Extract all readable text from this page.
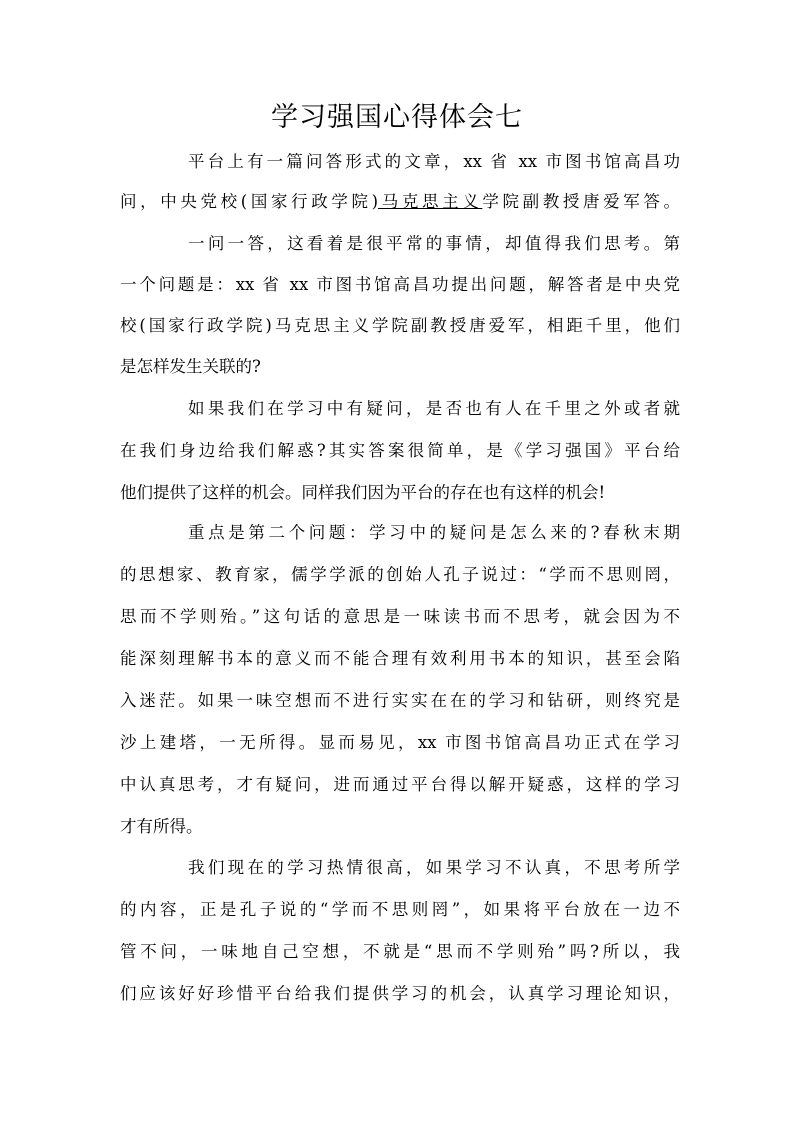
学习强国心得体会七

平台上有一篇问答形式的文章，xx 省 xx 市图书馆高昌功

问，中央党校(国家行政学院)马克思主义学院副教授唐爱军答。

一问一答，这看着是很平常的事情，却值得我们思考。第

一个问题是：xx 省 xx 市图书馆高昌功提出问题，解答者是中央党

校(国家行政学院)马克思主义学院副教授唐爱军，相距千里，他们

是怎样发生关联的?

如果我们在学习中有疑问，是否也有人在千里之外或者就

在我们身边给我们解惑?其实答案很简单，是《学习强国》平台给

他们提供了这样的机会。同样我们因为平台的存在也有这样的机会!

重点是第二个问题：学习中的疑问是怎么来的?春秋末期

的思想家、教育家，儒学学派的创始人孔子说过：“学而不思则罔，

思而不学则殆。”这句话的意思是一味读书而不思考，就会因为不

能深刻理解书本的意义而不能合理有效利用书本的知识，甚至会陷

入迷茫。如果一味空想而不进行实实在在的学习和钻研，则终究是

沙上建塔，一无所得。显而易见，xx 市图书馆高昌功正式在学习

中认真思考，才有疑问，进而通过平台得以解开疑惑，这样的学习

才有所得。

我们现在的学习热情很高，如果学习不认真，不思考所学

的内容，正是孔子说的“学而不思则罔”，如果将平台放在一边不

管不问，一味地自己空想，不就是“思而不学则殆”吗?所以，我

们应该好好珍惜平台给我们提供学习的机会，认真学习理论知识，
